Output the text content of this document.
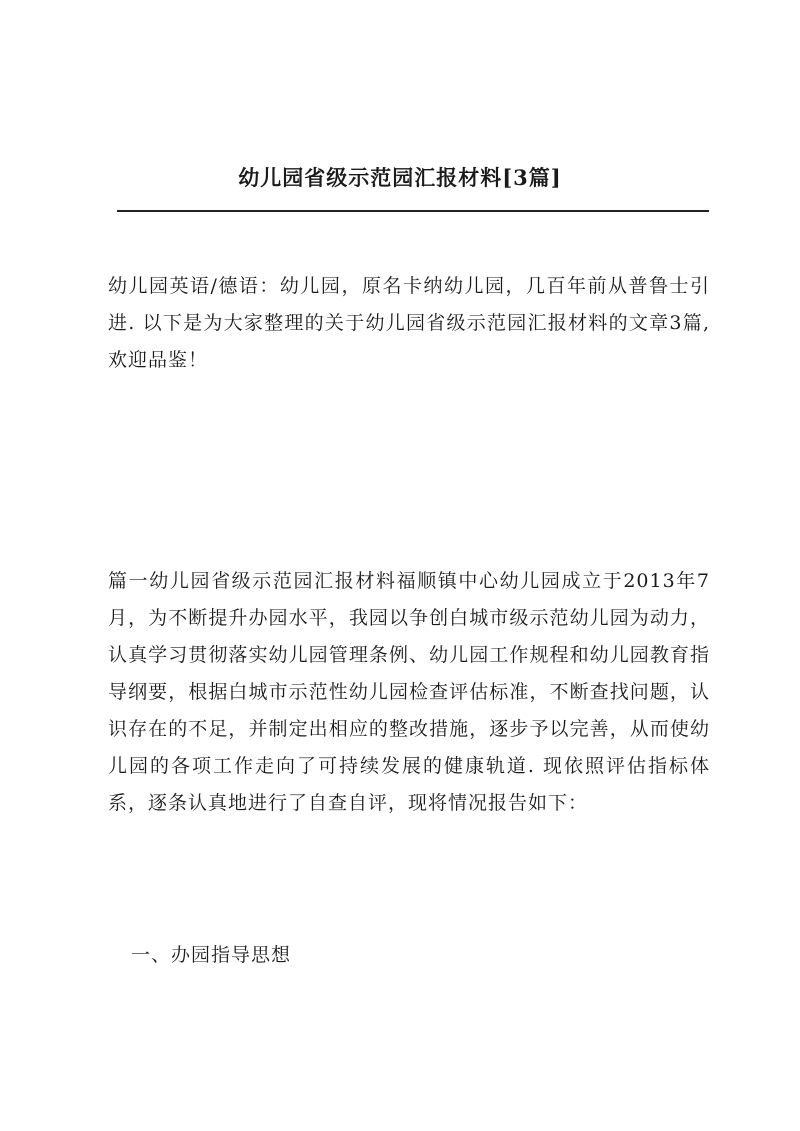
幼儿园省级示范园汇报材料[3篇]

幼儿园英语/德语：幼儿园，原名卡纳幼儿园，几百年前从普鲁士引进. 以下是为大家整理的关于幼儿园省级示范园汇报材料的文章3篇,欢迎品鉴！

篇一幼儿园省级示范园汇报材料福顺镇中心幼儿园成立于2013年7月，为不断提升办园水平，我园以争创白城市级示范幼儿园为动力，认真学习贯彻落实幼儿园管理条例、幼儿园工作规程和幼儿园教育指导纲要，根据白城市示范性幼儿园检查评估标准，不断查找问题，认识存在的不足，并制定出相应的整改措施，逐步予以完善，从而使幼儿园的各项工作走向了可持续发展的健康轨道. 现依照评估指标体系，逐条认真地进行了自查自评，现将情况报告如下：

一、办园指导思想
